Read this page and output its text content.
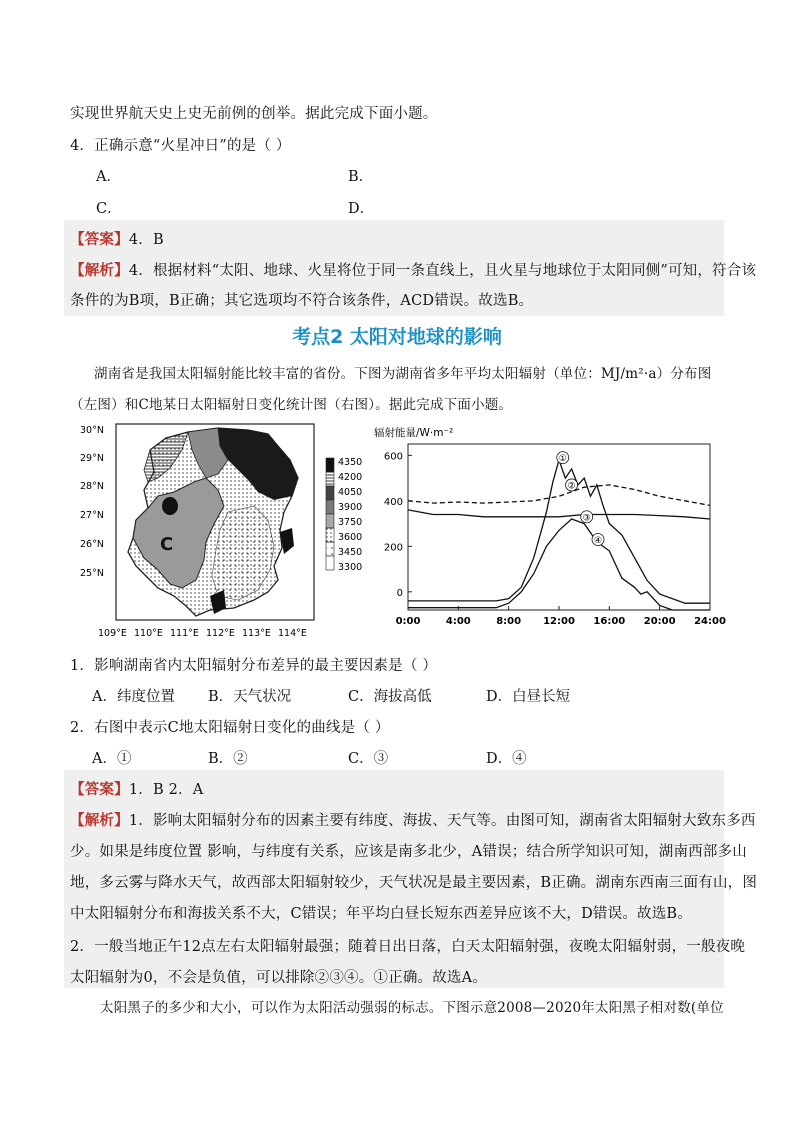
实现世界航天史上史无前例的创举。据此完成下面小题。
4．正确示意“火星冲日”的是（ ）
A．	B．
C．	D．
【答案】4．B
【解析】4．根据材料“太阳、地球、火星将位于同一条直线上，且火星与地球位于太阳同侧”可知，符合该
条件的为B项，B正确；其它选项均不符合该条件，ACD错误。故选B。
考点2 太阳对地球的影响
湖南省是我国太阳辐射能比较丰富的省份。下图为湖南省多年平均太阳辐射（单位：MJ/m²·a）分布图
（左图）和C地某日太阳辐射日变化统计图（右图）。据此完成下面小题。
C
30°N
29°N
28°N
27°N
26°N
25°N
109°E 110°E 111°E 112°E 113°E 114°E
4350
4200
4050
3900
3750
3600
3450
3300
辐射能量/W·m⁻²
0
200
400
600
0:00	4:00	8:00 12:00 16:00 20:00 24:00
①
②
③
④
1．影响湖南省内太阳辐射分布差异的最主要因素是（ ）
A．纬度位置 B．天气状况	C．海拔高低	D．白昼长短
2．右图中表示C地太阳辐射日变化的曲线是（ ）
A．①	B．②	C．③	D．④
【答案】1．B 2．A
【解析】1．影响太阳辐射分布的因素主要有纬度、海拔、天气等。由图可知，湖南省太阳辐射大致东多西
少。如果是纬度位置 影响，与纬度有关系，应该是南多北少，A错误；结合所学知识可知，湖南西部多山
地，多云雾与降水天气，故西部太阳辐射较少，天气状况是最主要因素，B正确。湖南东西南三面有山，图
中太阳辐射分布和海拔关系不大，C错误；年平均白昼长短东西差异应该不大，D错误。故选B。
2．一般当地正午12点左右太阳辐射最强；随着日出日落，白天太阳辐射强，夜晚太阳辐射弱，一般夜晚
太阳辐射为0，不会是负值，可以排除②③④。①正确。故选A。
太阳黑子的多少和大小，可以作为太阳活动强弱的标志。下图示意2008—2020年太阳黑子相对数(单位
